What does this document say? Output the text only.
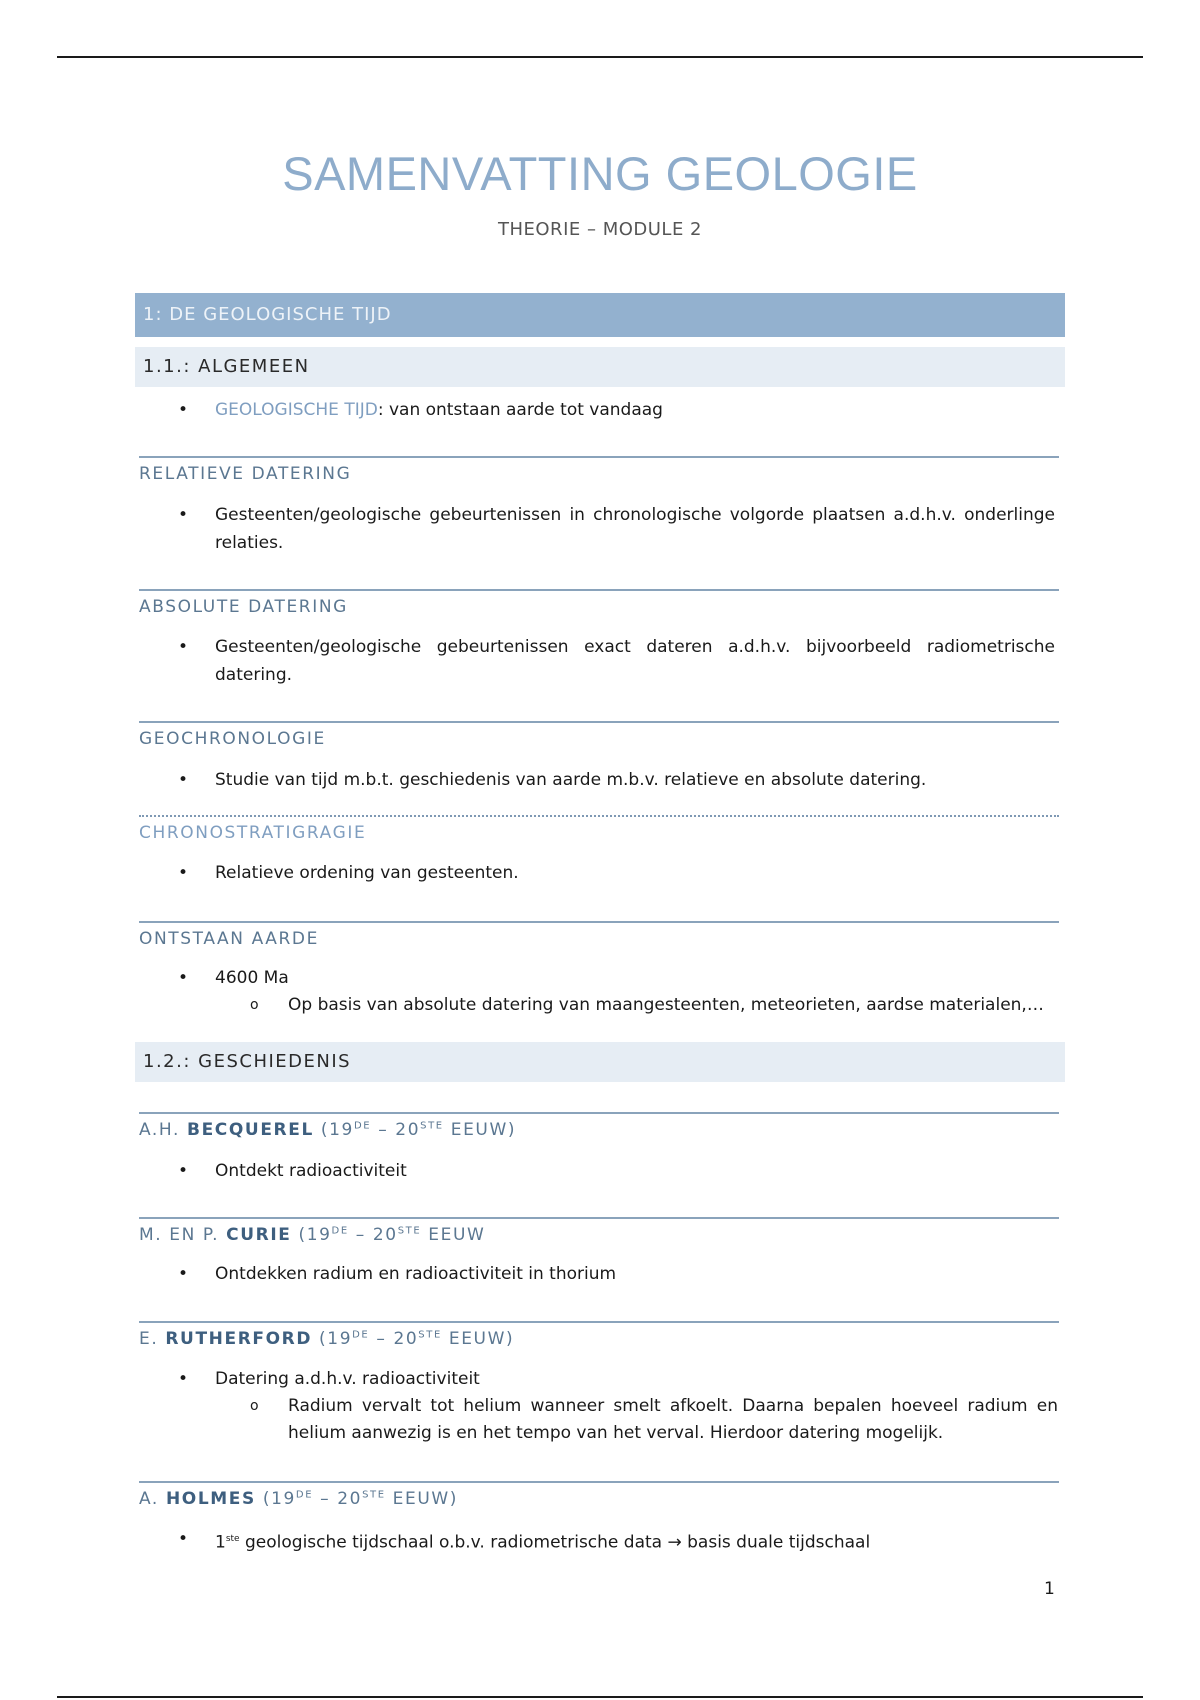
SAMENVATTING GEOLOGIE
THEORIE – MODULE 2
1: DE GEOLOGISCHE TIJD
1.1.: ALGEMEEN
• GEOLOGISCHE TIJD: van ontstaan aarde tot vandaag
RELATIEVE DATERING
• Gesteenten/geologische gebeurtenissen in chronologische volgorde plaatsen a.d.h.v. onderlinge relaties.
ABSOLUTE DATERING
• Gesteenten/geologische gebeurtenissen exact dateren a.d.h.v. bijvoorbeeld radiometrische datering.
GEOCHRONOLOGIE
• Studie van tijd m.b.t. geschiedenis van aarde m.b.v. relatieve en absolute datering.
CHRONOSTRATIGRAGIE
• Relatieve ordening van gesteenten.
ONTSTAAN AARDE
• 4600 Ma
o Op basis van absolute datering van maangesteenten, meteorieten, aardse materialen,…
1.2.: GESCHIEDENIS
A.H. BECQUEREL (19DE – 20STE EEUW)
• Ontdekt radioactiviteit
M. EN P. CURIE (19DE – 20STE EEUW
• Ontdekken radium en radioactiviteit in thorium
E. RUTHERFORD (19DE – 20STE EEUW)
• Datering a.d.h.v. radioactiviteit
o Radium vervalt tot helium wanneer smelt afkoelt. Daarna bepalen hoeveel radium en helium aanwezig is en het tempo van het verval. Hierdoor datering mogelijk.
A. HOLMES (19DE – 20STE EEUW)
• 1ste geologische tijdschaal o.b.v. radiometrische data → basis duale tijdschaal
1
